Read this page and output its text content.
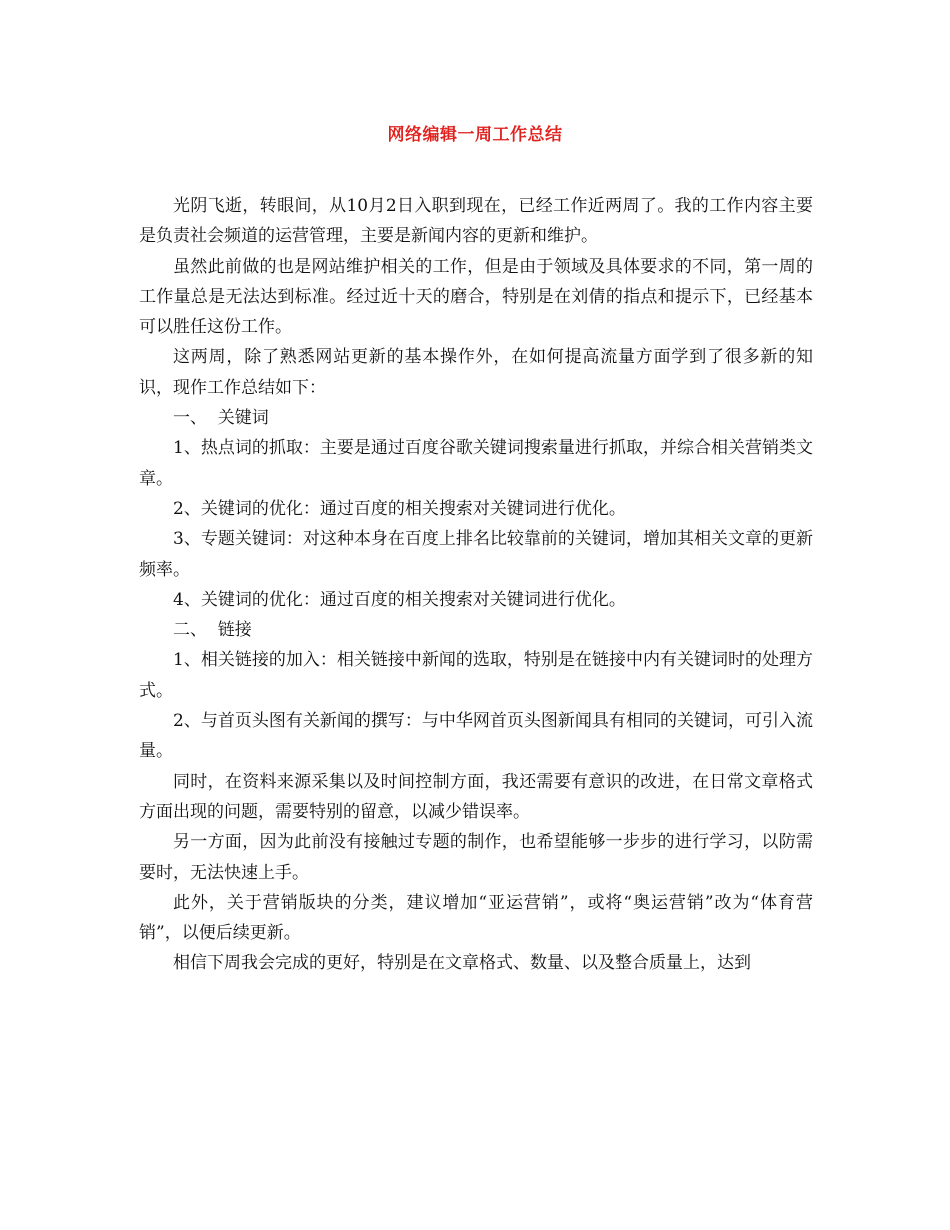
网络编辑一周工作总结

光阴飞逝，转眼间，从10月2日入职到现在，已经工作近两周了。我的工作内容主要是负责社会频道的运营管理，主要是新闻内容的更新和维护。

虽然此前做的也是网站维护相关的工作，但是由于领域及具体要求的不同，第一周的工作量总是无法达到标准。经过近十天的磨合，特别是在刘倩的指点和提示下，已经基本可以胜任这份工作。

这两周，除了熟悉网站更新的基本操作外，在如何提高流量方面学到了很多新的知识，现作工作总结如下：

一、  关键词

1、热点词的抓取：主要是通过百度谷歌关键词搜索量进行抓取，并综合相关营销类文章。

2、关键词的优化：通过百度的相关搜索对关键词进行优化。

3、专题关键词：对这种本身在百度上排名比较靠前的关键词，增加其相关文章的更新频率。

4、关键词的优化：通过百度的相关搜索对关键词进行优化。

二、  链接

1、相关链接的加入：相关链接中新闻的选取，特别是在链接中内有关键词时的处理方式。

2、与首页头图有关新闻的撰写：与中华网首页头图新闻具有相同的关键词，可引入流量。

同时，在资料来源采集以及时间控制方面，我还需要有意识的改进，在日常文章格式方面出现的问题，需要特别的留意，以减少错误率。

另一方面，因为此前没有接触过专题的制作，也希望能够一步步的进行学习，以防需要时，无法快速上手。

此外，关于营销版块的分类，建议增加“亚运营销”，或将“奥运营销”改为“体育营销”，以便后续更新。

相信下周我会完成的更好，特别是在文章格式、数量、以及整合质量上，达到
